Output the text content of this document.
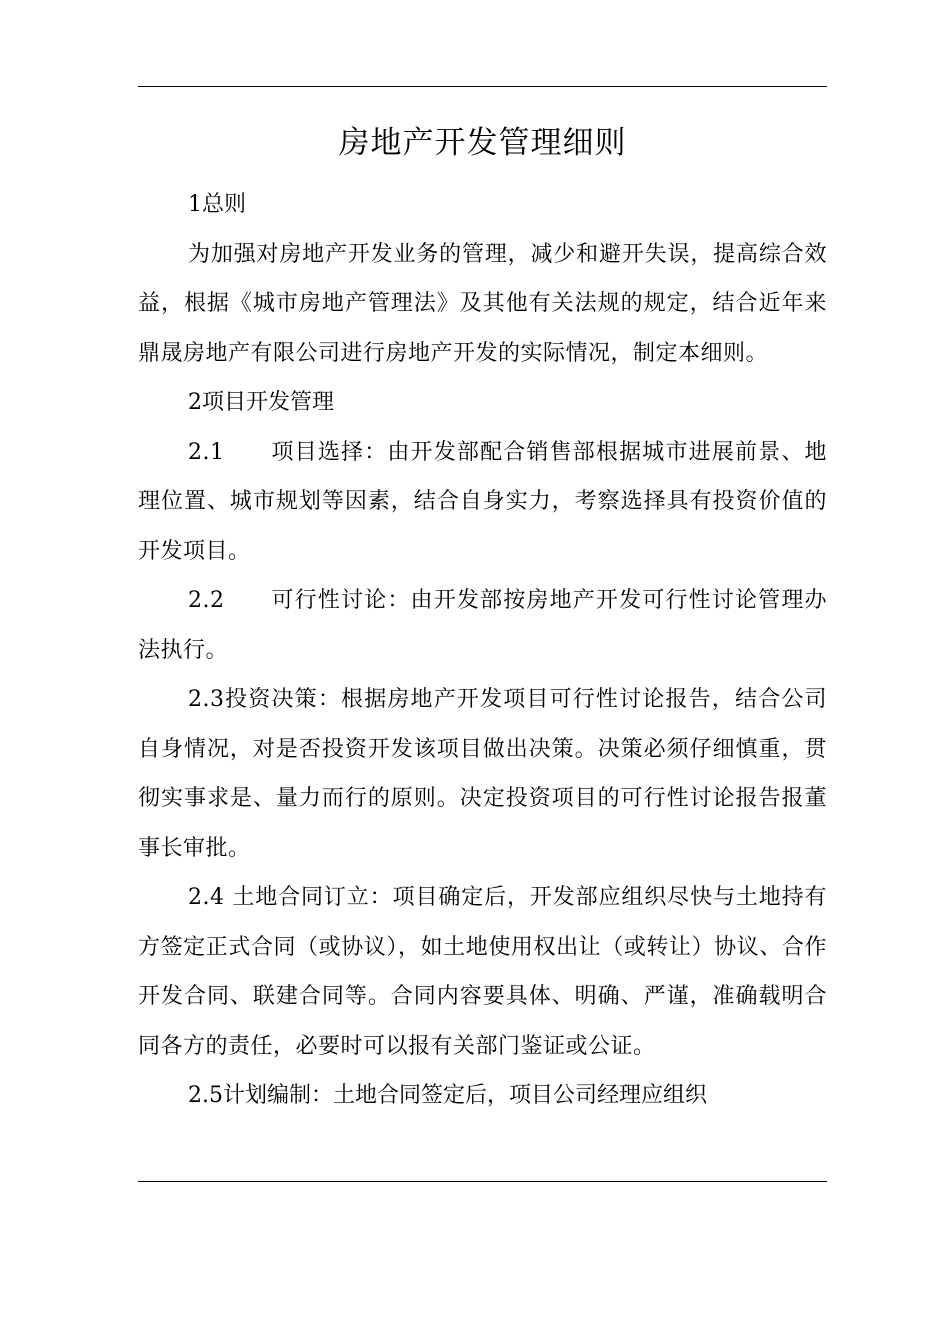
房地产开发管理细则

1总则

为加强对房地产开发业务的管理，减少和避开失误，提高综合效益，根据《城市房地产管理法》及其他有关法规的规定，结合近年来鼎晟房地产有限公司进行房地产开发的实际情况，制定本细则。

2项目开发管理

2.1　　项目选择：由开发部配合销售部根据城市进展前景、地理位置、城市规划等因素，结合自身实力，考察选择具有投资价值的开发项目。

2.2　　可行性讨论：由开发部按房地产开发可行性讨论管理办法执行。

2.3投资决策：根据房地产开发项目可行性讨论报告，结合公司自身情况，对是否投资开发该项目做出决策。决策必须仔细慎重，贯彻实事求是、量力而行的原则。决定投资项目的可行性讨论报告报董事长审批。

2.4 土地合同订立：项目确定后，开发部应组织尽快与土地持有方签定正式合同（或协议），如土地使用权出让（或转让）协议、合作开发合同、联建合同等。合同内容要具体、明确、严谨，准确载明合同各方的责任，必要时可以报有关部门鉴证或公证。

2.5计划编制：土地合同签定后，项目公司经理应组织
